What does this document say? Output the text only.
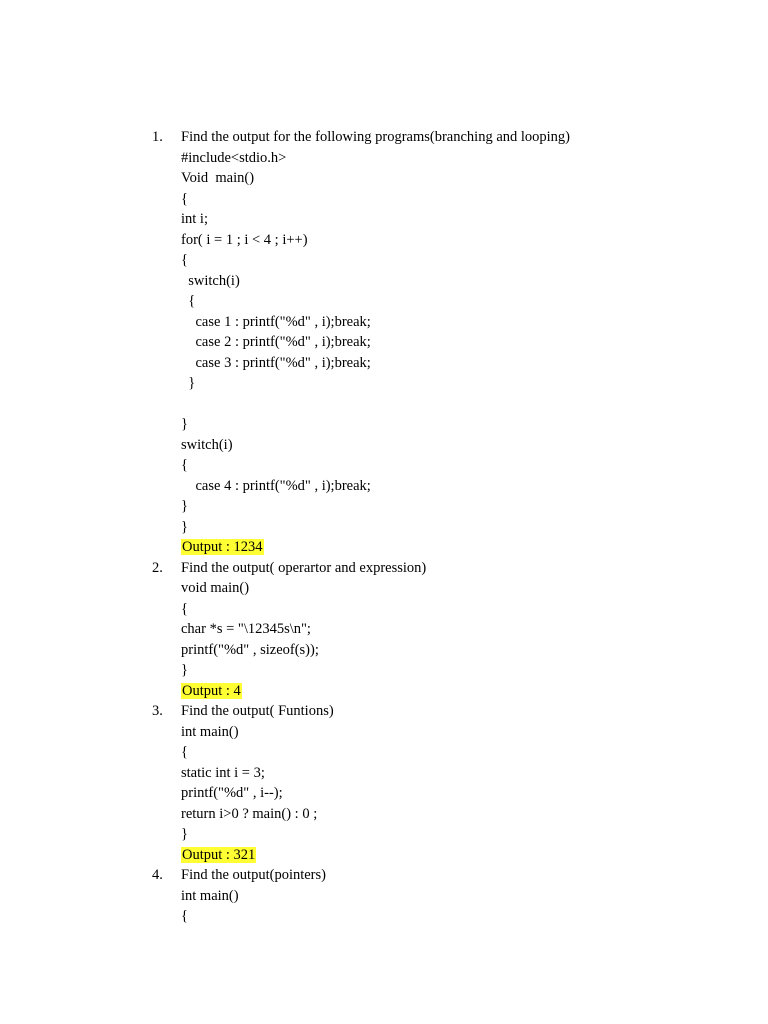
1. Find the output for the following programs(branching and looping)
#include<stdio.h>
Void  main()
{
int i;
for( i = 1 ; i < 4 ; i++)
{
switch(i)
{
case 1 : printf("%d" , i);break;
case 2 : printf("%d" , i);break;
case 3 : printf("%d" , i);break;
}
}
switch(i)
{
case 4 : printf("%d" , i);break;
}
}
Output : 1234
2. Find the output( operartor and expression)
void main()
{
char *s = "\12345s\n";
printf("%d" , sizeof(s));
}
Output : 4
3. Find the output( Funtions)
int main()
{
static int i = 3;
printf("%d" , i--);
return i>0 ? main() : 0 ;
}
Output : 321
4. Find the output(pointers)
int main()
{
